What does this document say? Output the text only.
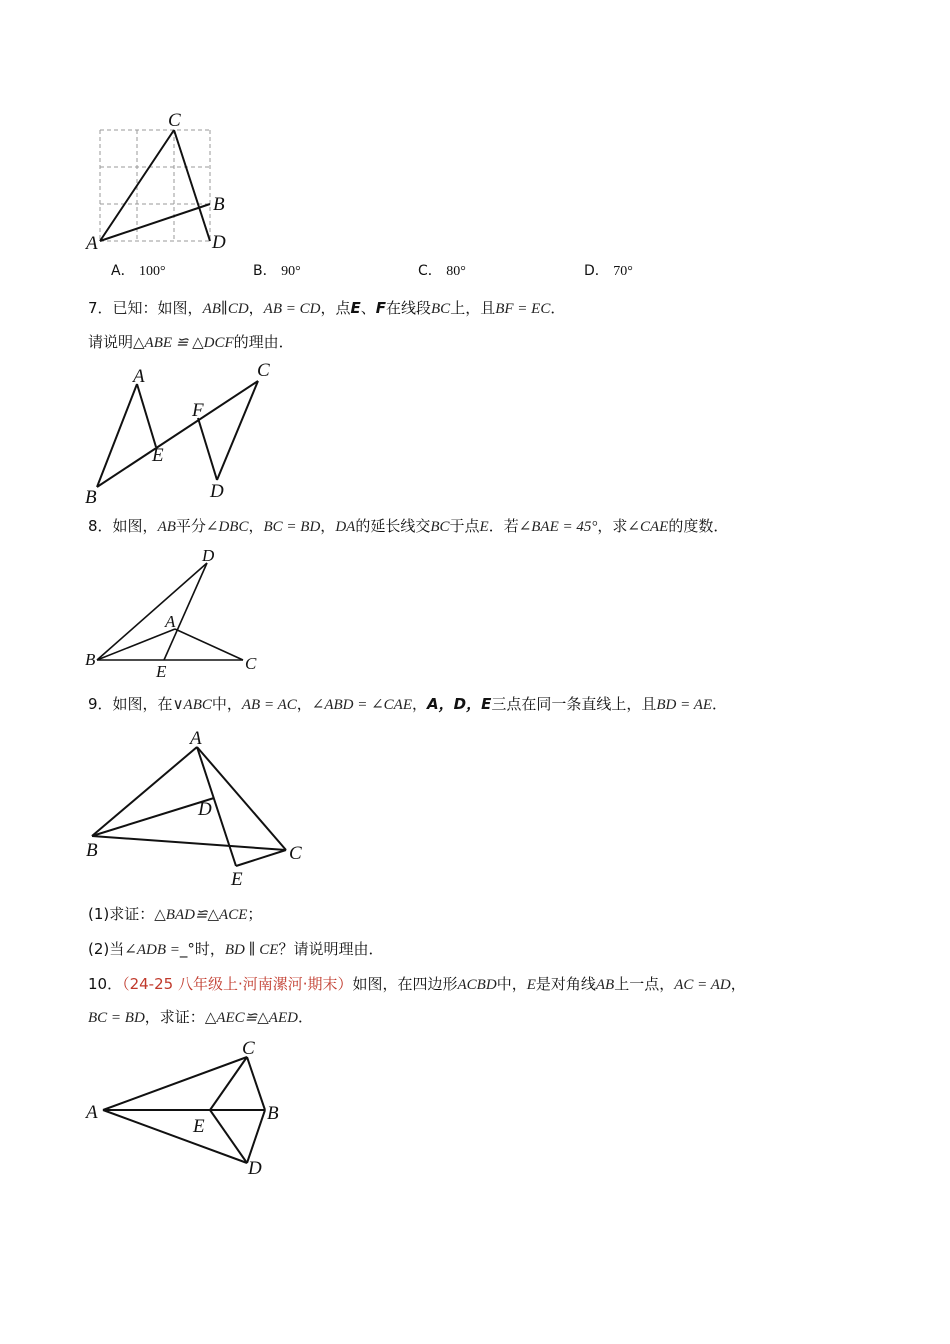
C
B
A	D
A． 100°	B． 90°	C． 80°	D． 70°
7．已知：如图，AB∥CD，AB = CD，点E、F在线段BC上，且BF = EC．
请说明△ABE ≌ △DCF的理由．
A	C
F
E
B	D
8．如图，AB平分∠DBC，BC = BD，DA的延长线交BC于点E．若∠BAE = 45°，求∠CAE的度数．
D
A
B
E	C
9．如图，在∨ABC中，AB = AC，∠ABD = ∠CAE，A，D，E三点在同一条直线上，且BD = AE．
A
D
B	C
E
(1)求证：△BAD≌△ACE；
(2)当∠ADB =_°时，BD ∥ CE？请说明理由．
10．（24-25 八年级上·河南漯河·期末）如图，在四边形ACBD中，E是对角线AB上一点，AC = AD，
BC = BD，求证：△AEC≌△AED．
C
A	B
E
D
